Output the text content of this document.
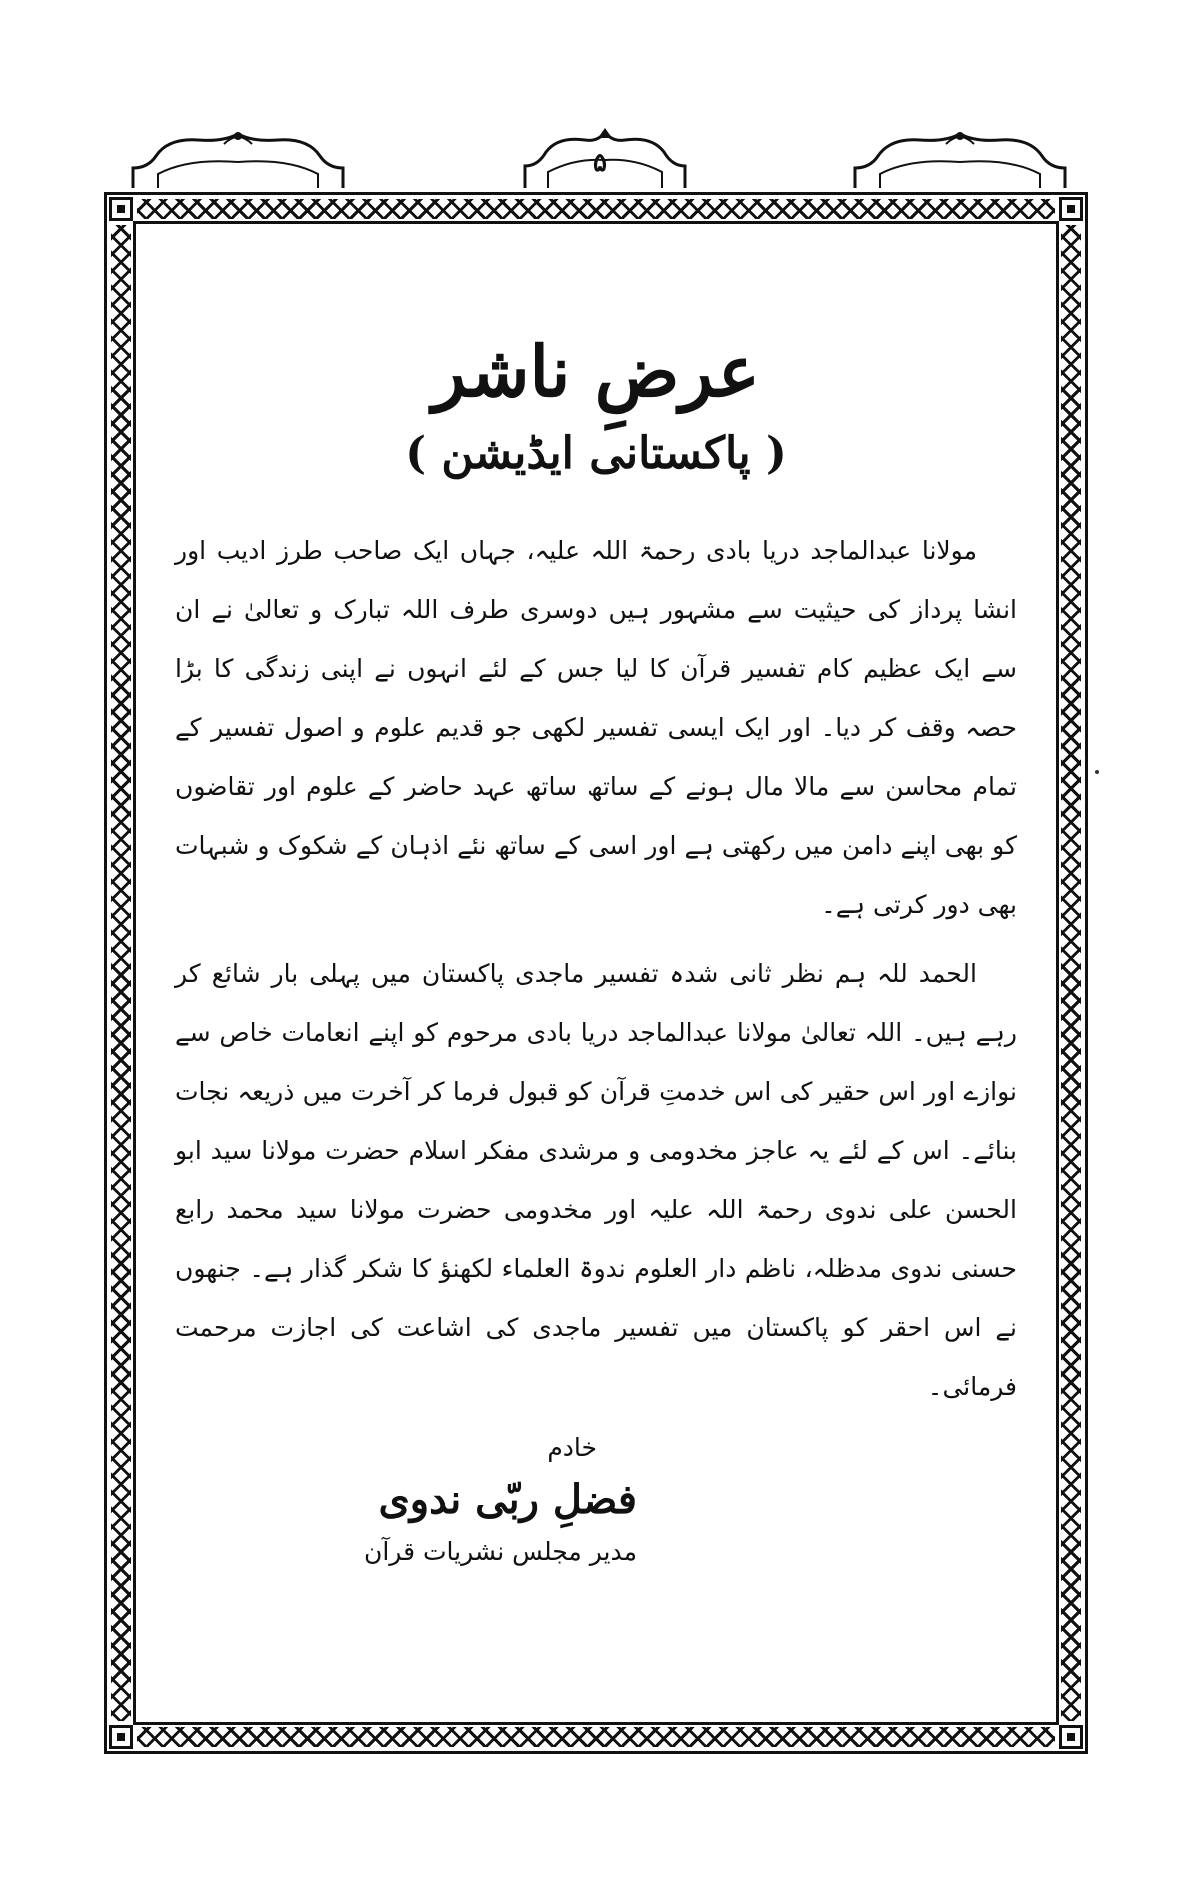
۵
عرضِ ناشر
( پاکستانی ایڈیشن )

مولانا عبدالماجد دریا بادی رحمۃ اللہ علیہ، جہاں ایک صاحب طرز ادیب اور انشا پرداز کی حیثیت سے مشہور ہیں دوسری طرف اللہ تبارک و تعالیٰ نے ان سے ایک عظیم کام تفسیر قرآن کا لیا جس کے لئے انہوں نے اپنی زندگی کا بڑا حصہ وقف کر دیا۔ اور ایک ایسی تفسیر لکھی جو قدیم علوم و اصول تفسیر کے تمام محاسن سے مالا مال ہونے کے ساتھ ساتھ عہد حاضر کے علوم اور تقاضوں کو بھی اپنے دامن میں رکھتی ہے اور اسی کے ساتھ نئے اذہان کے شکوک و شبہات بھی دور کرتی ہے۔

الحمد للہ ہم نظر ثانی شدہ تفسیر ماجدی پاکستان میں پہلی بار شائع کر رہے ہیں۔ اللہ تعالیٰ مولانا عبدالماجد دریا بادی مرحوم کو اپنے انعامات خاص سے نوازے اور اس حقیر کی اس خدمتِ قرآن کو قبول فرما کر آخرت میں ذریعہ نجات بنائے۔ اس کے لئے یہ عاجز مخدومی و مرشدی مفکر اسلام حضرت مولانا سید ابو الحسن علی ندوی رحمۃ اللہ علیہ اور مخدومی حضرت مولانا سید محمد رابع حسنی ندوی مدظلہ، ناظم دار العلوم ندوۃ العلماء لکھنؤ کا شکر گذار ہے۔ جنھوں نے اس احقر کو پاکستان میں تفسیر ماجدی کی اشاعت کی اجازت مرحمت فرمائی۔

خادم
فضلِ ربّی ندوی
مدیر مجلس نشریات قرآن
